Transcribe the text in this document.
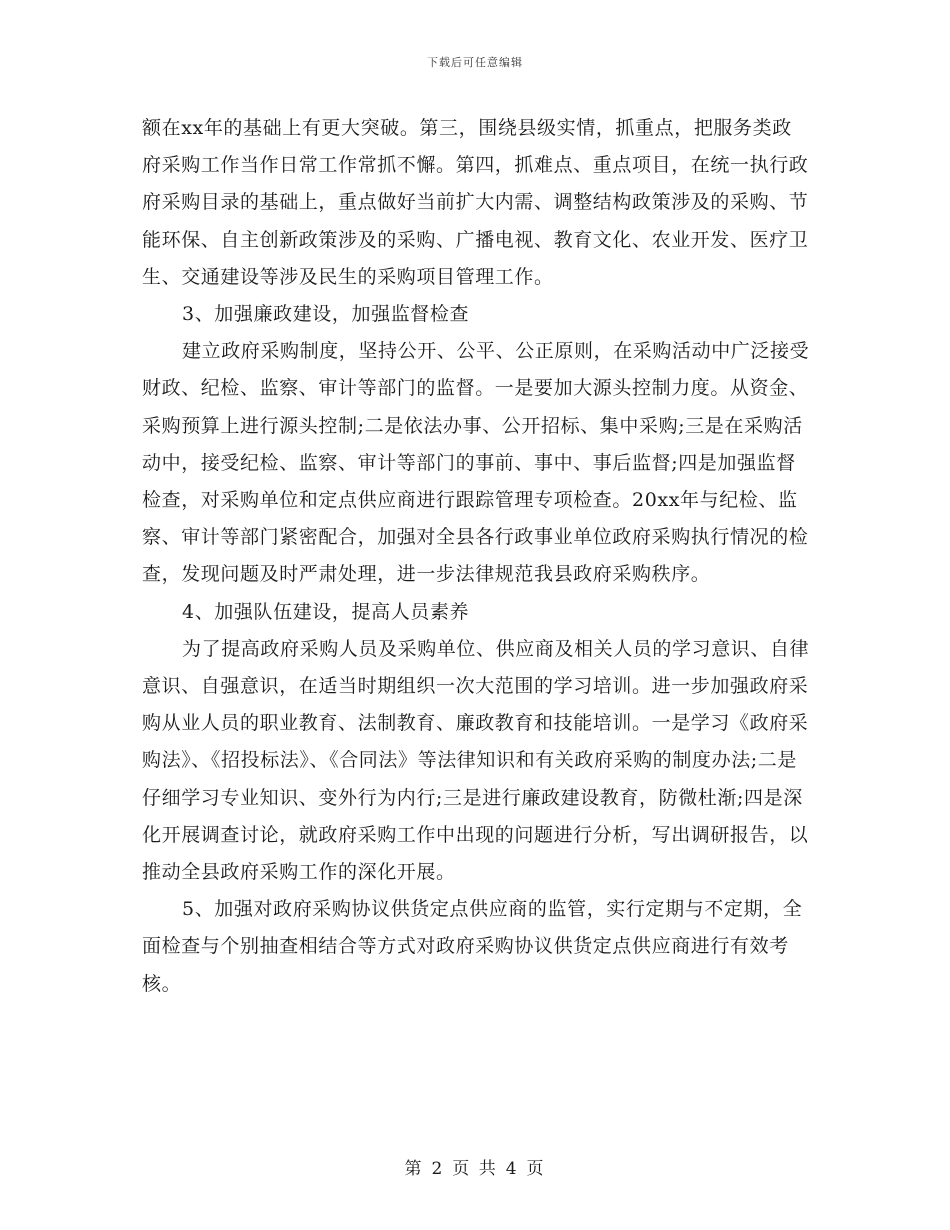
下载后可任意编辑

额在xx年的基础上有更大突破。第三，围绕县级实情，抓重点，把服务类政府采购工作当作日常工作常抓不懈。第四，抓难点、重点项目，在统一执行政府采购目录的基础上，重点做好当前扩大内需、调整结构政策涉及的采购、节能环保、自主创新政策涉及的采购、广播电视、教育文化、农业开发、医疗卫生、交通建设等涉及民生的采购项目管理工作。

3、加强廉政建设，加强监督检查

建立政府采购制度，坚持公开、公平、公正原则，在采购活动中广泛接受财政、纪检、监察、审计等部门的监督。一是要加大源头控制力度。从资金、采购预算上进行源头控制;二是依法办事、公开招标、集中采购;三是在采购活动中，接受纪检、监察、审计等部门的事前、事中、事后监督;四是加强监督检查，对采购单位和定点供应商进行跟踪管理专项检查。20xx年与纪检、监察、审计等部门紧密配合，加强对全县各行政事业单位政府采购执行情况的检查，发现问题及时严肃处理，进一步法律规范我县政府采购秩序。

4、加强队伍建设，提高人员素养

为了提高政府采购人员及采购单位、供应商及相关人员的学习意识、自律意识、自强意识，在适当时期组织一次大范围的学习培训。进一步加强政府采购从业人员的职业教育、法制教育、廉政教育和技能培训。一是学习《政府采购法》、《招投标法》、《合同法》等法律知识和有关政府采购的制度办法;二是仔细学习专业知识、变外行为内行;三是进行廉政建设教育，防微杜渐;四是深化开展调查讨论，就政府采购工作中出现的问题进行分析，写出调研报告，以推动全县政府采购工作的深化开展。

5、加强对政府采购协议供货定点供应商的监管，实行定期与不定期，全面检查与个别抽查相结合等方式对政府采购协议供货定点供应商进行有效考核。

第 2 页 共 4 页
